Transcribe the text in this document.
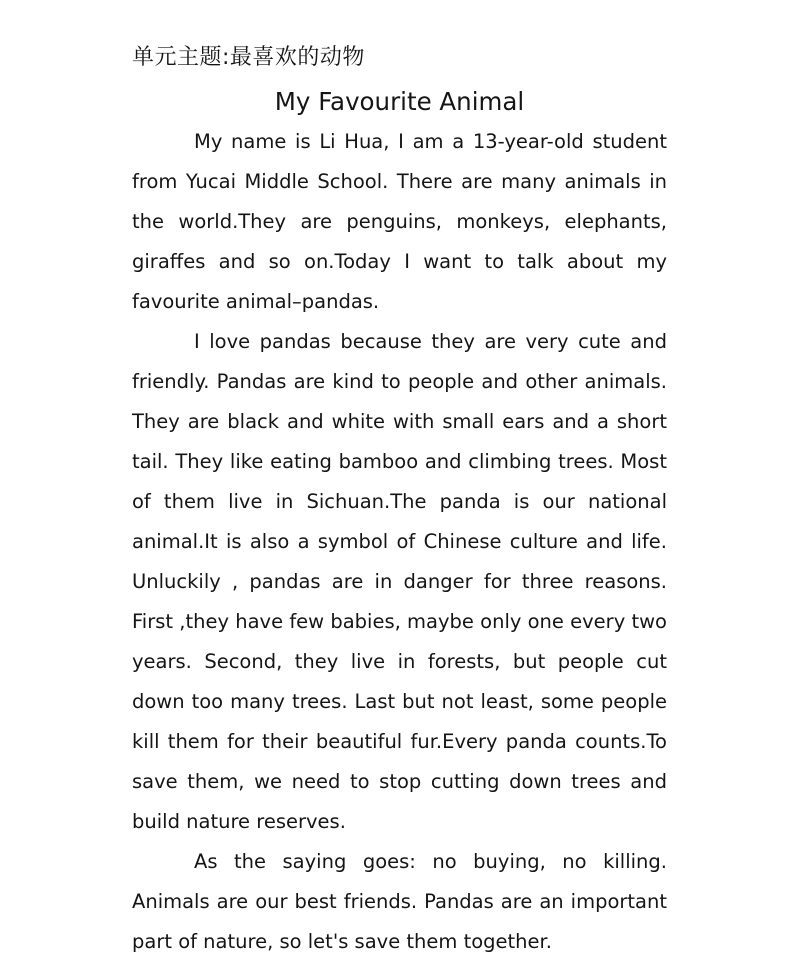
单元主题:最喜欢的动物
My Favourite Animal

My name is Li Hua, I am a 13-year-old student from Yucai Middle School. There are many animals in the world.They are penguins, monkeys, elephants, giraffes and so on.Today I want to talk about my favourite animal–pandas.

I love pandas because they are very cute and friendly. Pandas are kind to people and other animals. They are black and white with small ears and a short tail. They like eating bamboo and climbing trees. Most of them live in Sichuan.The panda is our national animal.It is also a symbol of Chinese culture and life. Unluckily , pandas are in danger for three reasons. First ,they have few babies, maybe only one every two years. Second, they live in forests, but people cut down too many trees. Last but not least, some people kill them for their beautiful fur.Every panda counts.To save them, we need to stop cutting down trees and build nature reserves.

As the saying goes: no buying, no killing. Animals are our best friends. Pandas are an important part of nature, so let's save them together.
